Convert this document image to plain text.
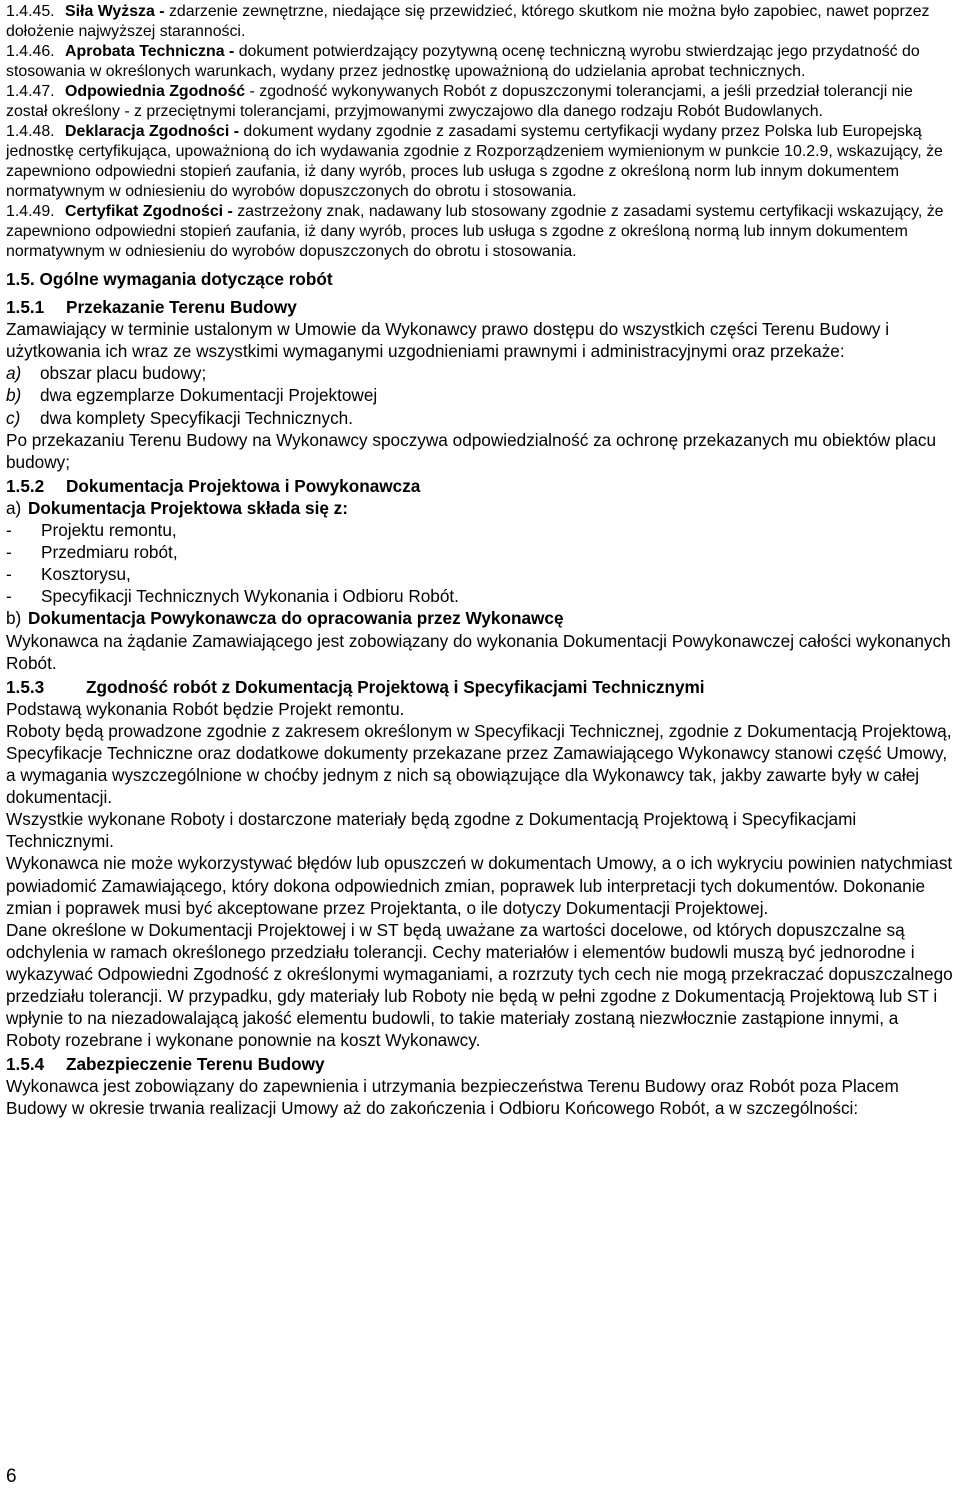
1.4.45. Siła Wyższa - zdarzenie zewnętrzne, niedające się przewidzieć, którego skutkom nie można było zapobiec, nawet poprzez dołożenie najwyższej staranności.

1.4.46. Aprobata Techniczna - dokument potwierdzający pozytywną ocenę techniczną wyrobu stwierdzając jego przydatność do stosowania w określonych warunkach, wydany przez jednostkę upoważnioną do udzielania aprobat technicznych.

1.4.47. Odpowiednia Zgodność - zgodność wykonywanych Robót z dopuszczonymi tolerancjami, a jeśli przedział tolerancji nie został określony - z przeciętnymi tolerancjami, przyjmowanymi zwyczajowo dla danego rodzaju Robót Budowlanych.

1.4.48. Deklaracja Zgodności - dokument wydany zgodnie z zasadami systemu certyfikacji wydany przez Polska lub Europejską jednostkę certyfikująca, upoważnioną do ich wydawania zgodnie z Rozporządzeniem wymienionym w punkcie 10.2.9, wskazujący, że zapewniono odpowiedni stopień zaufania, iż dany wyrób, proces lub usługa s zgodne z określoną norm lub innym dokumentem normatywnym w odniesieniu do wyrobów dopuszczonych do obrotu i stosowania.

1.4.49. Certyfikat Zgodności - zastrzeżony znak, nadawany lub stosowany zgodnie z zasadami systemu certyfikacji wskazujący, że zapewniono odpowiedni stopień zaufania, iż dany wyrób, proces lub usługa s zgodne z określoną normą lub innym dokumentem normatywnym w odniesieniu do wyrobów dopuszczonych do obrotu i stosowania.

1.5. Ogólne wymagania dotyczące robót

1.5.1 Przekazanie Terenu Budowy

Zamawiający w terminie ustalonym w Umowie da Wykonawcy prawo dostępu do wszystkich części Terenu Budowy i użytkowania ich wraz ze wszystkimi wymaganymi uzgodnieniami prawnymi i administracyjnymi oraz przekaże:

a) obszar placu budowy;

b) dwa egzemplarze Dokumentacji Projektowej

c) dwa komplety Specyfikacji Technicznych.

Po przekazaniu Terenu Budowy na Wykonawcy spoczywa odpowiedzialność za ochronę przekazanych mu obiektów placu budowy;

1.5.2 Dokumentacja Projektowa i Powykonawcza

a) Dokumentacja Projektowa składa się z:

- Projektu remontu,

- Przedmiaru robót,

- Kosztorysu,

- Specyfikacji Technicznych Wykonania i Odbioru Robót.

b) Dokumentacja Powykonawcza do opracowania przez Wykonawcę

Wykonawca na żądanie Zamawiającego jest zobowiązany do wykonania Dokumentacji Powykonawczej całości wykonanych Robót.

1.5.3 Zgodność robót z Dokumentacją Projektową i Specyfikacjami Technicznymi

Podstawą wykonania Robót będzie Projekt remontu.

Roboty będą prowadzone zgodnie z zakresem określonym w Specyfikacji Technicznej, zgodnie z Dokumentacją Projektową, Specyfikacje Techniczne oraz dodatkowe dokumenty przekazane przez Zamawiającego Wykonawcy stanowi część Umowy, a wymagania wyszczególnione w choćby jednym z nich są obowiązujące dla Wykonawcy tak, jakby zawarte były w całej dokumentacji.

Wszystkie wykonane Roboty i dostarczone materiały będą zgodne z Dokumentacją Projektową i Specyfikacjami Technicznymi.

Wykonawca nie może wykorzystywać błędów lub opuszczeń w dokumentach Umowy, a o ich wykryciu powinien natychmiast powiadomić Zamawiającego, który dokona odpowiednich zmian, poprawek lub interpretacji tych dokumentów. Dokonanie zmian i poprawek musi być akceptowane przez Projektanta, o ile dotyczy Dokumentacji Projektowej.

Dane określone w Dokumentacji Projektowej i w ST będą uważane za wartości docelowe, od których dopuszczalne są odchylenia w ramach określonego przedziału tolerancji. Cechy materiałów i elementów budowli muszą być jednorodne i wykazywać Odpowiedni Zgodność z określonymi wymaganiami, a rozrzuty tych cech nie mogą przekraczać dopuszczalnego przedziału tolerancji. W przypadku, gdy materiały lub Roboty nie będą w pełni zgodne z Dokumentacją Projektową lub ST i wpłynie to na niezadowalającą jakość elementu budowli, to takie materiały zostaną niezwłocznie zastąpione innymi, a Roboty rozebrane i wykonane ponownie na koszt Wykonawcy.

1.5.4 Zabezpieczenie Terenu Budowy

Wykonawca jest zobowiązany do zapewnienia i utrzymania bezpieczeństwa Terenu Budowy oraz Robót poza Placem Budowy w okresie trwania realizacji Umowy aż do zakończenia i Odbioru Końcowego Robót, a w szczególności:

6
